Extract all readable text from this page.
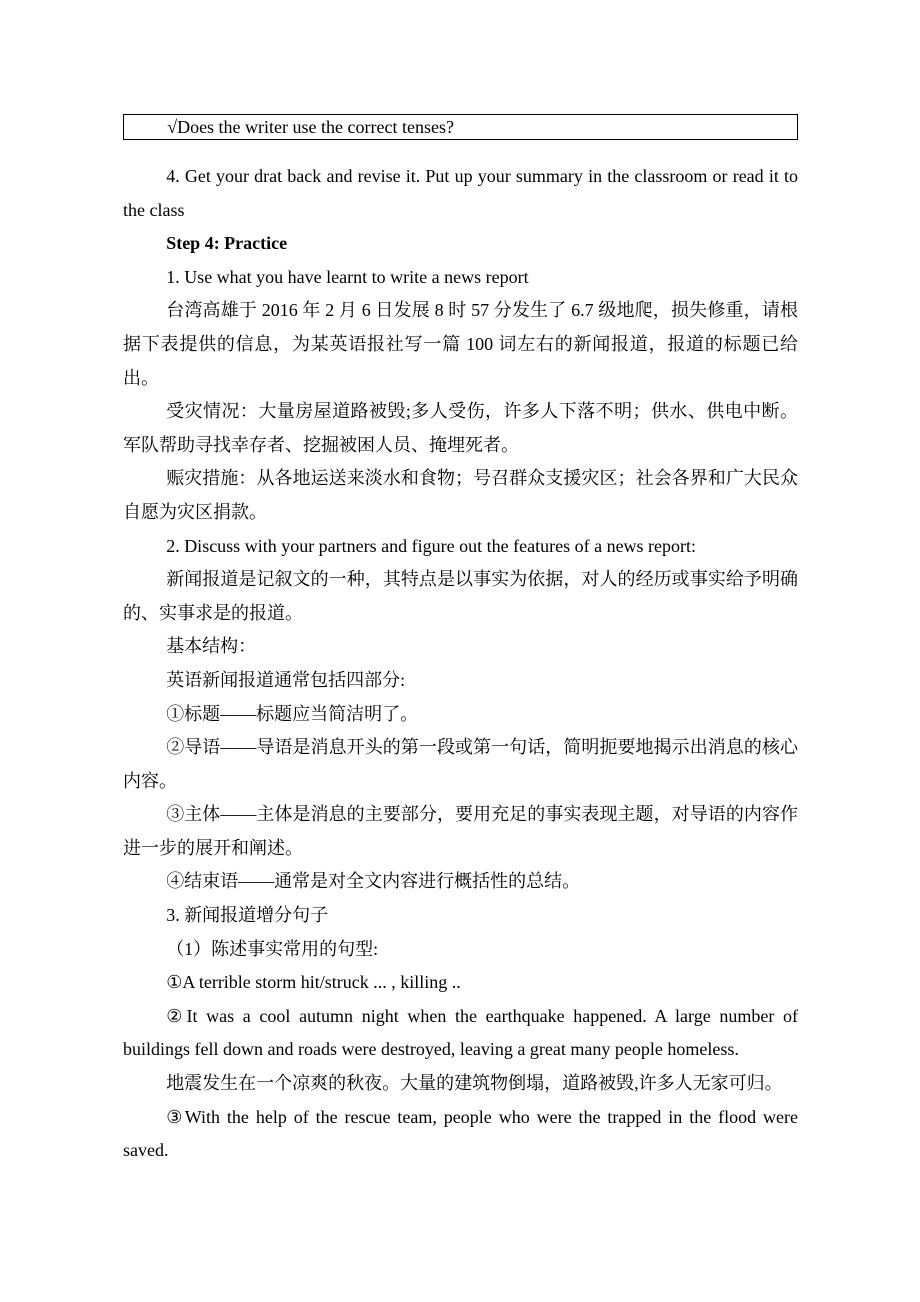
√Does the writer use the correct tenses?

4. Get your drat back and revise it. Put up your summary in the classroom or read it to the class

Step 4: Practice

1. Use what you have learnt to write a news report

台湾高雄于 2016 年 2 月 6 日发展 8 时 57 分发生了 6.7 级地爬，损失修重，请根据下表提供的信息，为某英语报社写一篇 100 词左右的新闻报道，报道的标题已给出。

受灾情况：大量房屋道路被毁;多人受伤，许多人下落不明；供水、供电中断。军队帮助寻找幸存者、挖掘被困人员、掩埋死者。

赈灾措施：从各地运送来淡水和食物；号召群众支援灾区；社会各界和广大民众自愿为灾区捐款。

2. Discuss with your partners and figure out the features of a news report:

新闻报道是记叙文的一种，其特点是以事实为依据，对人的经历或事实给予明确的、实事求是的报道。

基本结构：

英语新闻报道通常包括四部分:

①标题——标题应当简洁明了。

②导语——导语是消息开头的第一段或第一句话，简明扼要地揭示出消息的核心内容。

③主体——主体是消息的主要部分，要用充足的事实表现主题，对导语的内容作进一步的展开和阐述。

④结束语——通常是对全文内容进行概括性的总结。

3. 新闻报道增分句子

（1）陈述事实常用的句型:

①A terrible storm hit/struck ... , killing ..

②It was a cool autumn night when the earthquake happened. A large number of buildings fell down and roads were destroyed, leaving a great many people homeless.

地震发生在一个凉爽的秋夜。大量的建筑物倒塌，道路被毁,许多人无家可归。

③With the help of the rescue team, people who were the trapped in the flood were saved.
